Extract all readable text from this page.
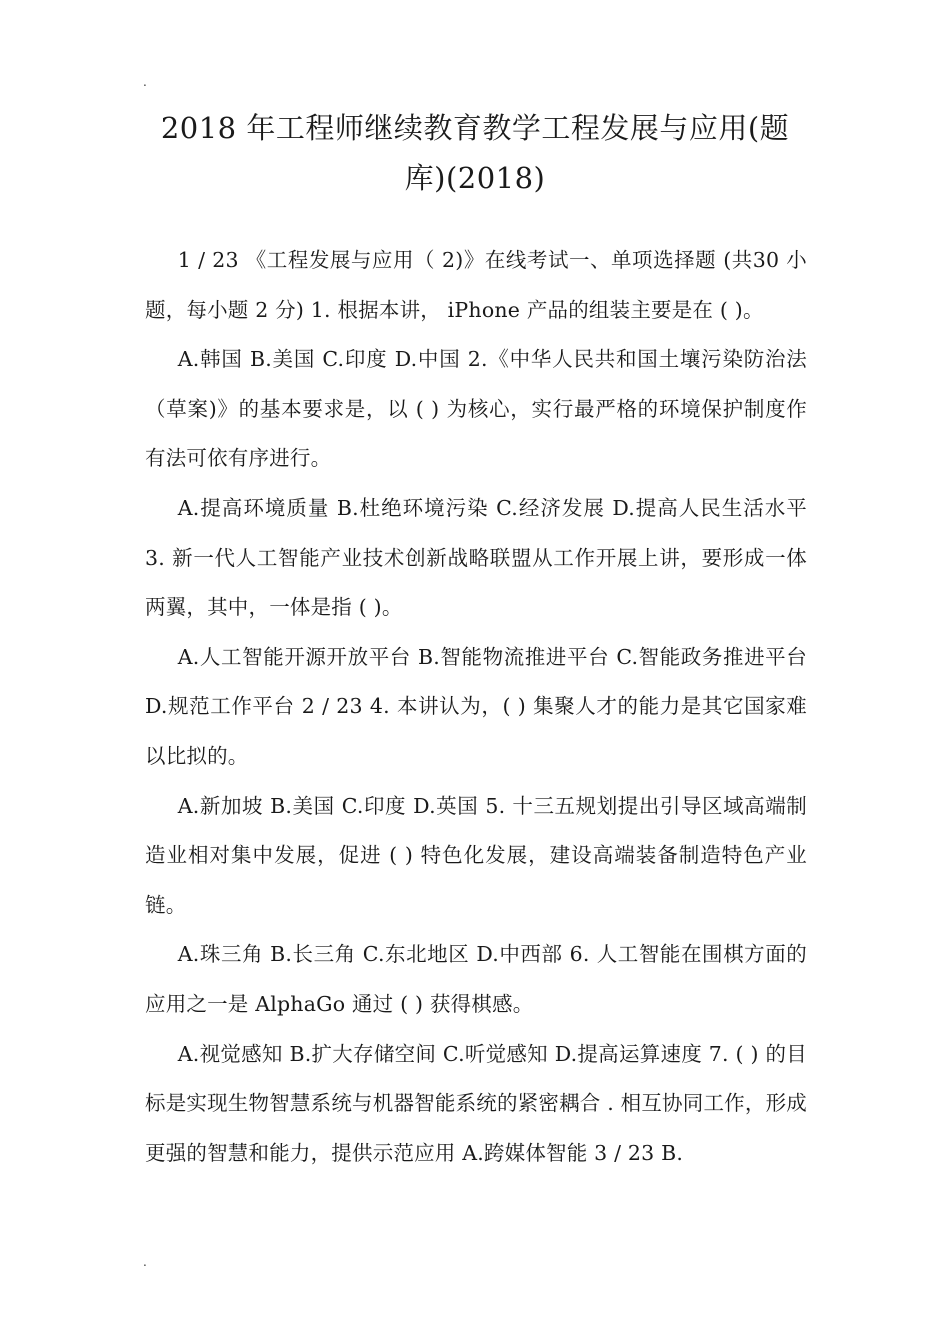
.
2018 年工程师继续教育教学工程发展与应用(题
库)(2018)

1 / 23 《工程发展与应用（ 2)》在线考试一、单项选择题 (共30 小题，每小题 2 分) 1. 根据本讲， iPhone 产品的组装主要是在 ( )。

A.韩国 B.美国 C.印度 D.中国 2.《中华人民共和国土壤污染防治法 （草案)》的基本要求是，以 ( ) 为核心，实行最严格的环境保护制度作有法可依有序进行。

A.提高环境质量 B.杜绝环境污染 C.经济发展 D.提高人民生活水平 3. 新一代人工智能产业技术创新战略联盟从工作开展上讲，要形成一体两翼，其中，一体是指 ( )。

A.人工智能开源开放平台 B.智能物流推进平台 C.智能政务推进平台 D.规范工作平台 2 / 23 4. 本讲认为，( ) 集聚人才的能力是其它国家难以比拟的。

A.新加坡 B.美国 C.印度 D.英国 5. 十三五规划提出引导区域高端制造业相对集中发展，促进 ( ) 特色化发展，建设高端装备制造特色产业链。

A.珠三角 B.长三角 C.东北地区 D.中西部 6. 人工智能在围棋方面的应用之一是 AlphaGo 通过 ( ) 获得棋感。

A.视觉感知 B.扩大存储空间 C.听觉感知 D.提高运算速度 7. ( ) 的目标是实现生物智慧系统与机器智能系统的紧密耦合 . 相互协同工作，形成更强的智慧和能力，提供示范应用 A.跨媒体智能 3 / 23 B.

.
